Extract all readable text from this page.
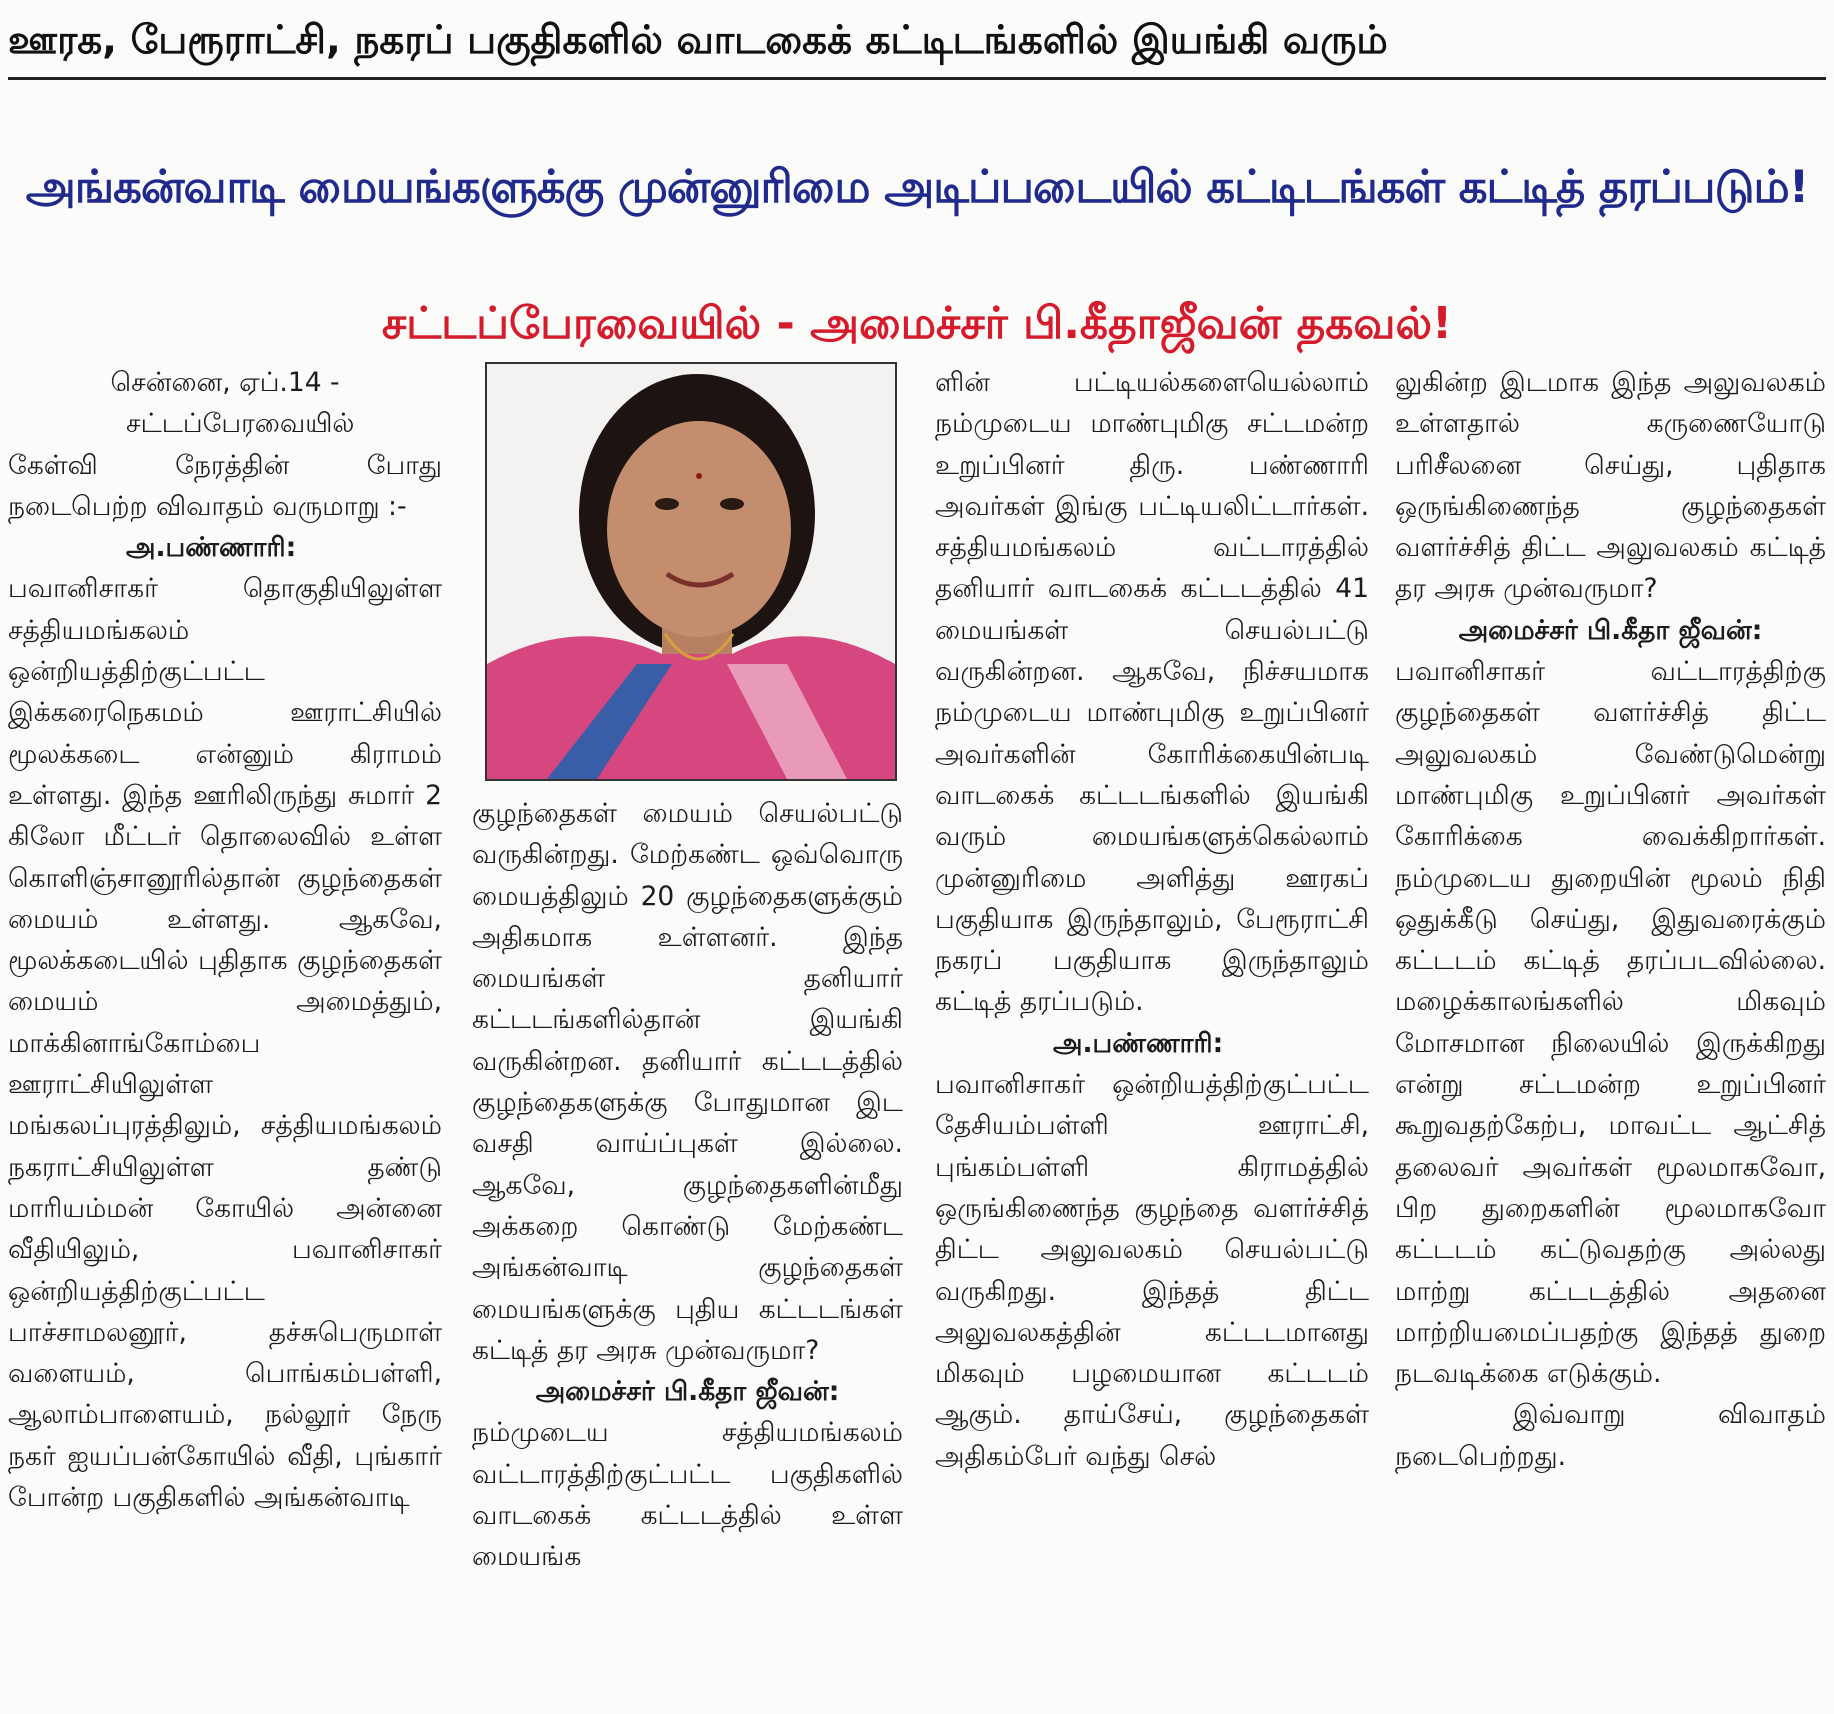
ஊரக, பேரூராட்சி, நகரப் பகுதிகளில் வாடகைக் கட்டிடங்களில் இயங்கி வரும்
அங்கன்வாடி மையங்களுக்கு முன்னுரிமை அடிப்படையில் கட்டிடங்கள் கட்டித் தரப்படும்!
சட்டப்பேரவையில் - அமைச்சர் பி.கீதாஜீவன் தகவல்!
சென்னை, ஏப்.14 -

சட்டப்பேரவையில் கேள்வி நேரத்தின் போது நடைபெற்ற விவாதம் வருமாறு :-

அ.பண்ணாரி: பவானிசாகர் தொகுதியிலுள்ள சத்தியமங்கலம் ஒன்றியத்திற்குட்பட்ட இக்கரைநெகமம் ஊராட்சியில் மூலக்கடை என்னும் கிராமம் உள்ளது. இந்த ஊரிலிருந்து சுமார் 2 கிலோ மீட்டர் தொலைவில் உள்ள கொளிஞ்சானூரில்தான் குழந்தைகள் மையம் உள்ளது. ஆகவே, மூலக்கடையில் புதிதாக குழந்தைகள் மையம் அமைத்தும், மாக்கினாங்கோம்பை ஊராட்சியிலுள்ள மங்கலப்புரத்திலும், சத்தியமங்கலம் நகராட்சியிலுள்ள தண்டு மாரியம்மன் கோயில் அன்னை வீதியிலும், பவானிசாகர் ஒன்றியத்திற்குட்பட்ட பாச்சாமலனூர், தச்சுபெருமாள் வளையம், பொங்கம்பள்ளி, ஆலாம்பாளையம், நல்லூர் நேரு நகர் ஐயப்பன்கோயில் வீதி, புங்கார் போன்ற பகுதிகளில் அங்கன்வாடி

குழந்தைகள் மையம் செயல்பட்டு வருகின்றது. மேற்கண்ட ஒவ்வொரு மையத்திலும் 20 குழந்தைகளுக்கும் அதிகமாக உள்ளனர். இந்த மையங்கள் தனியார் கட்டடங்களில்தான் இயங்கி வருகின்றன. தனியார் கட்டடத்தில் குழந்தைகளுக்கு போதுமான இட வசதி வாய்ப்புகள் இல்லை. ஆகவே, குழந்தைகளின்மீது அக்கறை கொண்டு மேற்கண்ட அங்கன்வாடி குழந்தைகள் மையங்களுக்கு புதிய கட்டடங்கள் கட்டித் தர அரசு முன்வருமா?

அமைச்சர் பி.கீதா ஜீவன்:

நம்முடைய சத்தியமங்கலம் வட்டாரத்திற்குட்பட்ட பகுதிகளில் வாடகைக் கட்டடத்தில் உள்ள மையங்க

ளின் பட்டியல்களையெல்லாம் நம்முடைய மாண்புமிகு சட்டமன்ற உறுப்பினர் திரு. பண்ணாரி அவர்கள் இங்கு பட்டியலிட்டார்கள். சத்தியமங்கலம் வட்டாரத்தில் தனியார் வாடகைக் கட்டடத்தில் 41 மையங்கள் செயல்பட்டு வருகின்றன. ஆகவே, நிச்சயமாக நம்முடைய மாண்புமிகு உறுப்பினர் அவர்களின் கோரிக்கையின்படி வாடகைக் கட்டடங்களில் இயங்கி வரும் மையங்களுக்கெல்லாம் முன்னுரிமை அளித்து ஊரகப் பகுதியாக இருந்தாலும், பேரூராட்சி நகரப் பகுதியாக இருந்தாலும் கட்டித் தரப்படும்.

அ.பண்ணாரி: பவானிசாகர் ஒன்றியத்திற்குட்பட்ட தேசியம்பள்ளி ஊராட்சி, புங்கம்பள்ளி கிராமத்தில் ஒருங்கிணைந்த குழந்தை வளர்ச்சித் திட்ட அலுவலகம் செயல்பட்டு வருகிறது. இந்தத் திட்ட அலுவலகத்தின் கட்டடமானது மிகவும் பழமையான கட்டடம் ஆகும். தாய்சேய், குழந்தைகள் அதிகம்பேர் வந்து செல்

லுகின்ற இடமாக இந்த அலுவலகம் உள்ளதால் கருணையோடு பரிசீலனை செய்து, புதிதாக ஒருங்கிணைந்த குழந்தைகள் வளர்ச்சித் திட்ட அலுவலகம் கட்டித் தர அரசு முன்வருமா?

அமைச்சர் பி.கீதா ஜீவன்:

பவானிசாகர் வட்டாரத்திற்கு குழந்தைகள் வளர்ச்சித் திட்ட அலுவலகம் வேண்டுமென்று மாண்புமிகு உறுப்பினர் அவர்கள் கோரிக்கை வைக்கிறார்கள். நம்முடைய துறையின் மூலம் நிதி ஒதுக்கீடு செய்து, இதுவரைக்கும் கட்டடம் கட்டித் தரப்படவில்லை. மழைக்காலங்களில் மிகவும் மோசமான நிலையில் இருக்கிறது என்று சட்டமன்ற உறுப்பினர் கூறுவதற்கேற்ப, மாவட்ட ஆட்சித் தலைவர் அவர்கள் மூலமாகவோ, பிற துறைகளின் மூலமாகவோ கட்டடம் கட்டுவதற்கு அல்லது மாற்று கட்டடத்தில் அதனை மாற்றியமைப்பதற்கு இந்தத் துறை நடவடிக்கை எடுக்கும்.

இவ்வாறு விவாதம் நடைபெற்றது.
